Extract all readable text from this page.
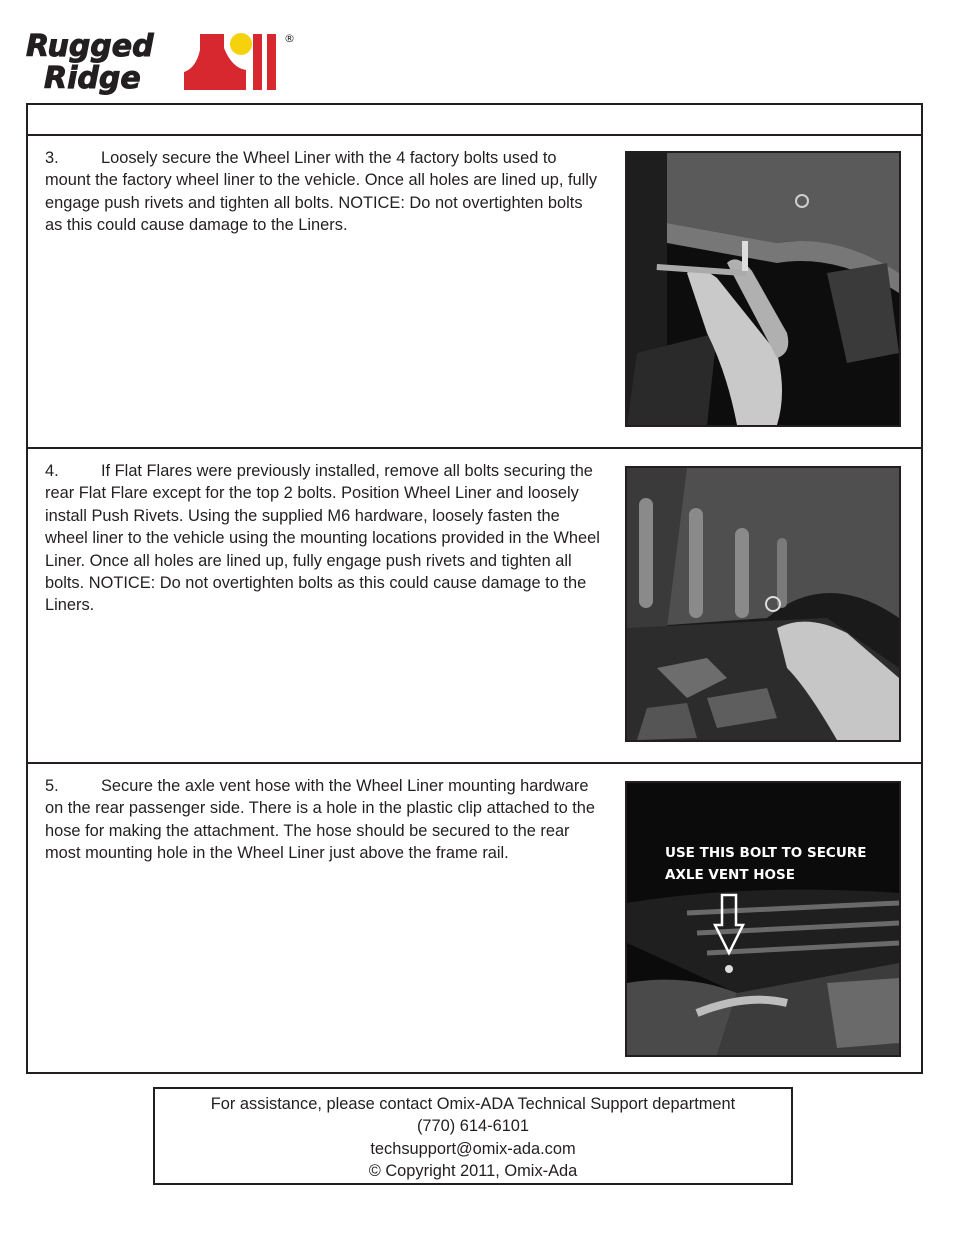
Rugged
Ridge
®

3.	Loosely secure the Wheel Liner with the 4 factory bolts used to mount the factory wheel liner to the vehicle. Once all holes are lined up, fully engage push rivets and tighten all bolts. NOTICE: Do not overtighten bolts as this could cause damage to the Liners.

4.	If Flat Flares were previously installed, remove all bolts securing the rear Flat Flare except for the top 2 bolts. Position Wheel Liner and loosely install Push Rivets. Using the supplied M6 hardware, loosely fasten the wheel liner to the vehicle using the mounting locations provided in the Wheel Liner. Once all holes are lined up, fully engage push rivets and tighten all bolts. NOTICE: Do not overtighten bolts as this could cause damage to the Liners.

5.	Secure the axle vent hose with the Wheel Liner mounting hardware on the rear passenger side. There is a hole in the plastic clip attached to the hose for making the attachment. The hose should be secured to the rear most mounting hole in the Wheel Liner just above the frame rail.	USE THIS BOLT TO SECURE
AXLE VENT HOSE
For assistance, please contact Omix-ADA Technical Support department
(770) 614-6101
techsupport@omix-ada.com
© Copyright 2011, Omix-Ada
